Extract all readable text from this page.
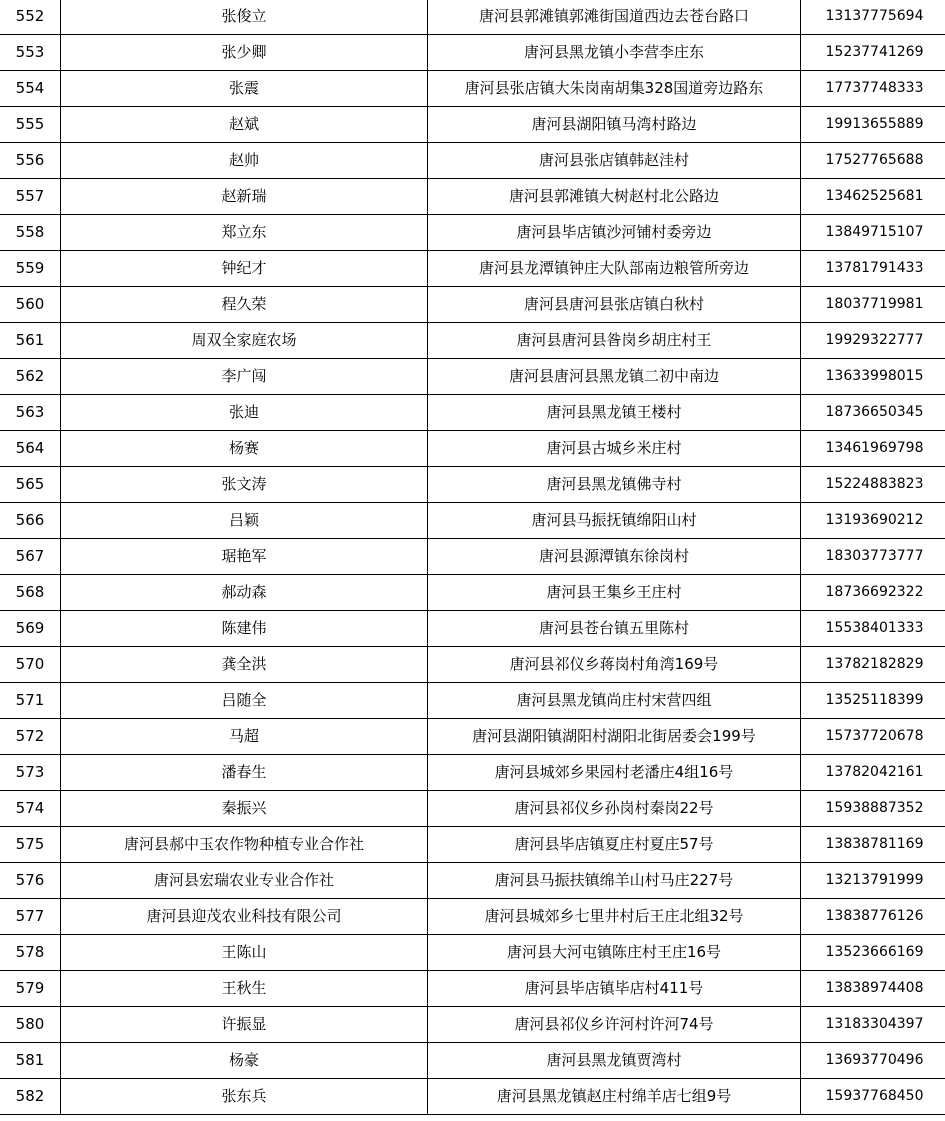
552	张俊立	唐河县郭滩镇郭滩街国道西边去苍台路口	13137775694
553	张少卿	唐河县黑龙镇小李营李庄东	15237741269
554	张震	唐河县张店镇大朱岗南胡集328国道旁边路东	17737748333
555	赵斌	唐河县湖阳镇马湾村路边	19913655889
556	赵帅	唐河县张店镇韩赵洼村	17527765688
557	赵新瑞	唐河县郭滩镇大树赵村北公路边	13462525681
558	郑立东	唐河县毕店镇沙河铺村委旁边	13849715107
559	钟纪才	唐河县龙潭镇钟庄大队部南边粮管所旁边	13781791433
560	程久荣	唐河县唐河县张店镇白秋村	18037719981
561	周双全家庭农场	唐河县唐河县昝岗乡胡庄村王	19929322777
562	李广闯	唐河县唐河县黑龙镇二初中南边	13633998015
563	张迪	唐河县黑龙镇王楼村	18736650345
564	杨赛	唐河县古城乡米庄村	13461969798
565	张文涛	唐河县黑龙镇佛寺村	15224883823
566	吕颖	唐河县马振抚镇绵阳山村	13193690212
567	琚艳军	唐河县源潭镇东徐岗村	18303773777
568	郝动森	唐河县王集乡王庄村	18736692322
569	陈建伟	唐河县苍台镇五里陈村	15538401333
570	龚全洪	唐河县祁仪乡蒋岗村角湾169号	13782182829
571	吕随全	唐河县黑龙镇尚庄村宋营四组	13525118399
572	马超	唐河县湖阳镇湖阳村湖阳北街居委会199号	15737720678
573	潘春生	唐河县城郊乡果园村老潘庄4组16号	13782042161
574	秦振兴	唐河县祁仪乡孙岗村秦岗22号	15938887352
575	唐河县郝中玉农作物种植专业合作社	唐河县毕店镇夏庄村夏庄57号	13838781169
576	唐河县宏瑞农业专业合作社	唐河县马振扶镇绵羊山村马庄227号	13213791999
577	唐河县迎茂农业科技有限公司	唐河县城郊乡七里井村后王庄北组32号	13838776126
578	王陈山	唐河县大河屯镇陈庄村王庄16号	13523666169
579	王秋生	唐河县毕店镇毕店村411号	13838974408
580	许振显	唐河县祁仪乡许河村许河74号	13183304397
581	杨豪	唐河县黑龙镇贾湾村	13693770496
582	张东兵	唐河县黑龙镇赵庄村绵羊店七组9号	15937768450
